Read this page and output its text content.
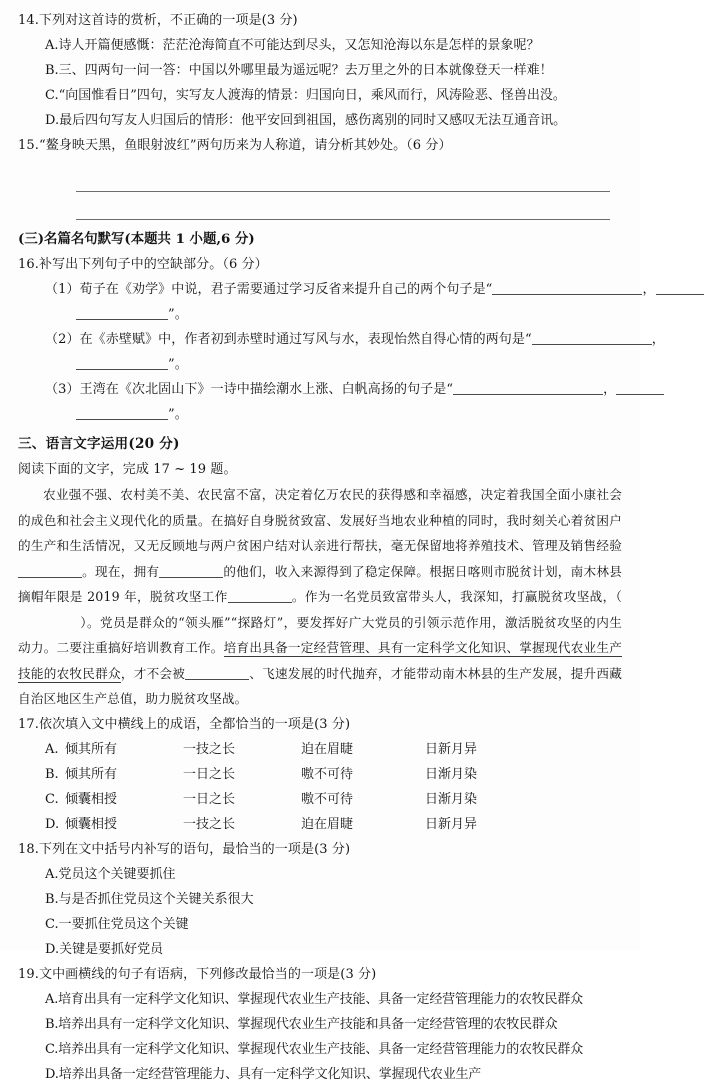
14.下列对这首诗的赏析，不正确的一项是(3 分)
A.诗人开篇便感慨：茫茫沧海简直不可能达到尽头，又怎知沧海以东是怎样的景象呢？
B.三、四两句一问一答：中国以外哪里最为遥远呢？去万里之外的日本就像登天一样难！
C.“向国惟看日”四句，实写友人渡海的情景：归国向日，乘风而行，风涛险恶、怪兽出没。
D.最后四句写友人归国后的情形：他平安回到祖国，感伤离别的同时又感叹无法互通音讯。
15.“鳌身映天黑，鱼眼射波红”两句历来为人称道，请分析其妙处。（6 分）
(三)名篇名句默写(本题共 1 小题,6 分)
16.补写出下列句子中的空缺部分。（6 分）
（1）荀子在《劝学》中说，君子需要通过学习反省来提升自己的两个句子是“	，
”。
（2）在《赤壁赋》中，作者初到赤壁时通过写风与水，表现怡然自得心情的两句是“	，
”。
（3）王湾在《次北固山下》一诗中描绘潮水上涨、白帆高扬的句子是“	，
”。
三、语言文字运用(20 分)
阅读下面的文字，完成 17 ~ 19 题。

农业强不强、农村美不美、农民富不富，决定着亿万农民的获得感和幸福感，决定着我国全面小康社会的成色和社会主义现代化的质量。在搞好自身脱贫致富、发展好当地农业种植的同时，我时刻关心着贫困户的生产和生活情况，又无反顾地与两户贫困户结对认亲进行帮扶，毫无保留地将养殖技术、管理及销售经验。现在，拥有	的他们，收入来源得到了稳定保障。根据日喀则市脱贫计划，南木林县摘帽年限是 2019 年，脱贫攻坚工作	。作为一名党员致富带头人，我深知，打赢脱贫攻坚战，（）。党员是群众的“领头雁”“探路灯”，要发挥好广大党员的引领示范作用，激活脱贫攻坚的内生动力。二要注重搞好培训教育工作。培育出具备一定经营管理、具有一定科学文化知识、掌握现代农业生产技能的农牧民群众，才不会被	、飞速发展的时代抛弃，才能带动南木林县的生产发展，提升西藏自治区地区生产总值，助力脱贫攻坚战。

17.依次填入文中横线上的成语，全都恰当的一项是(3 分)
A. 倾其所有	一技之长	迫在眉睫	日新月异
B. 倾其所有	一日之长	嗷不可待	日渐月染
C. 倾囊相授	一日之长	嗷不可待	日渐月染
D. 倾囊相授	一技之长	迫在眉睫	日新月异
18.下列在文中括号内补写的语句，最恰当的一项是(3 分)
A.党员这个关键要抓住
B.与是否抓住党员这个关键关系很大
C.一要抓住党员这个关键
D.关键是要抓好党员
19.文中画横线的句子有语病，下列修改最恰当的一项是(3 分)
A.培育出具有一定科学文化知识、掌握现代农业生产技能、具备一定经营管理能力的农牧民群众
B.培养出具有一定科学文化知识、掌握现代农业生产技能和具备一定经营管理的农牧民群众
C.培养出具有一定科学文化知识、掌握现代农业生产技能、具备一定经营管理能力的农牧民群众
D.培养出具备一定经营管理能力、具有一定科学文化知识、掌握现代农业生产
